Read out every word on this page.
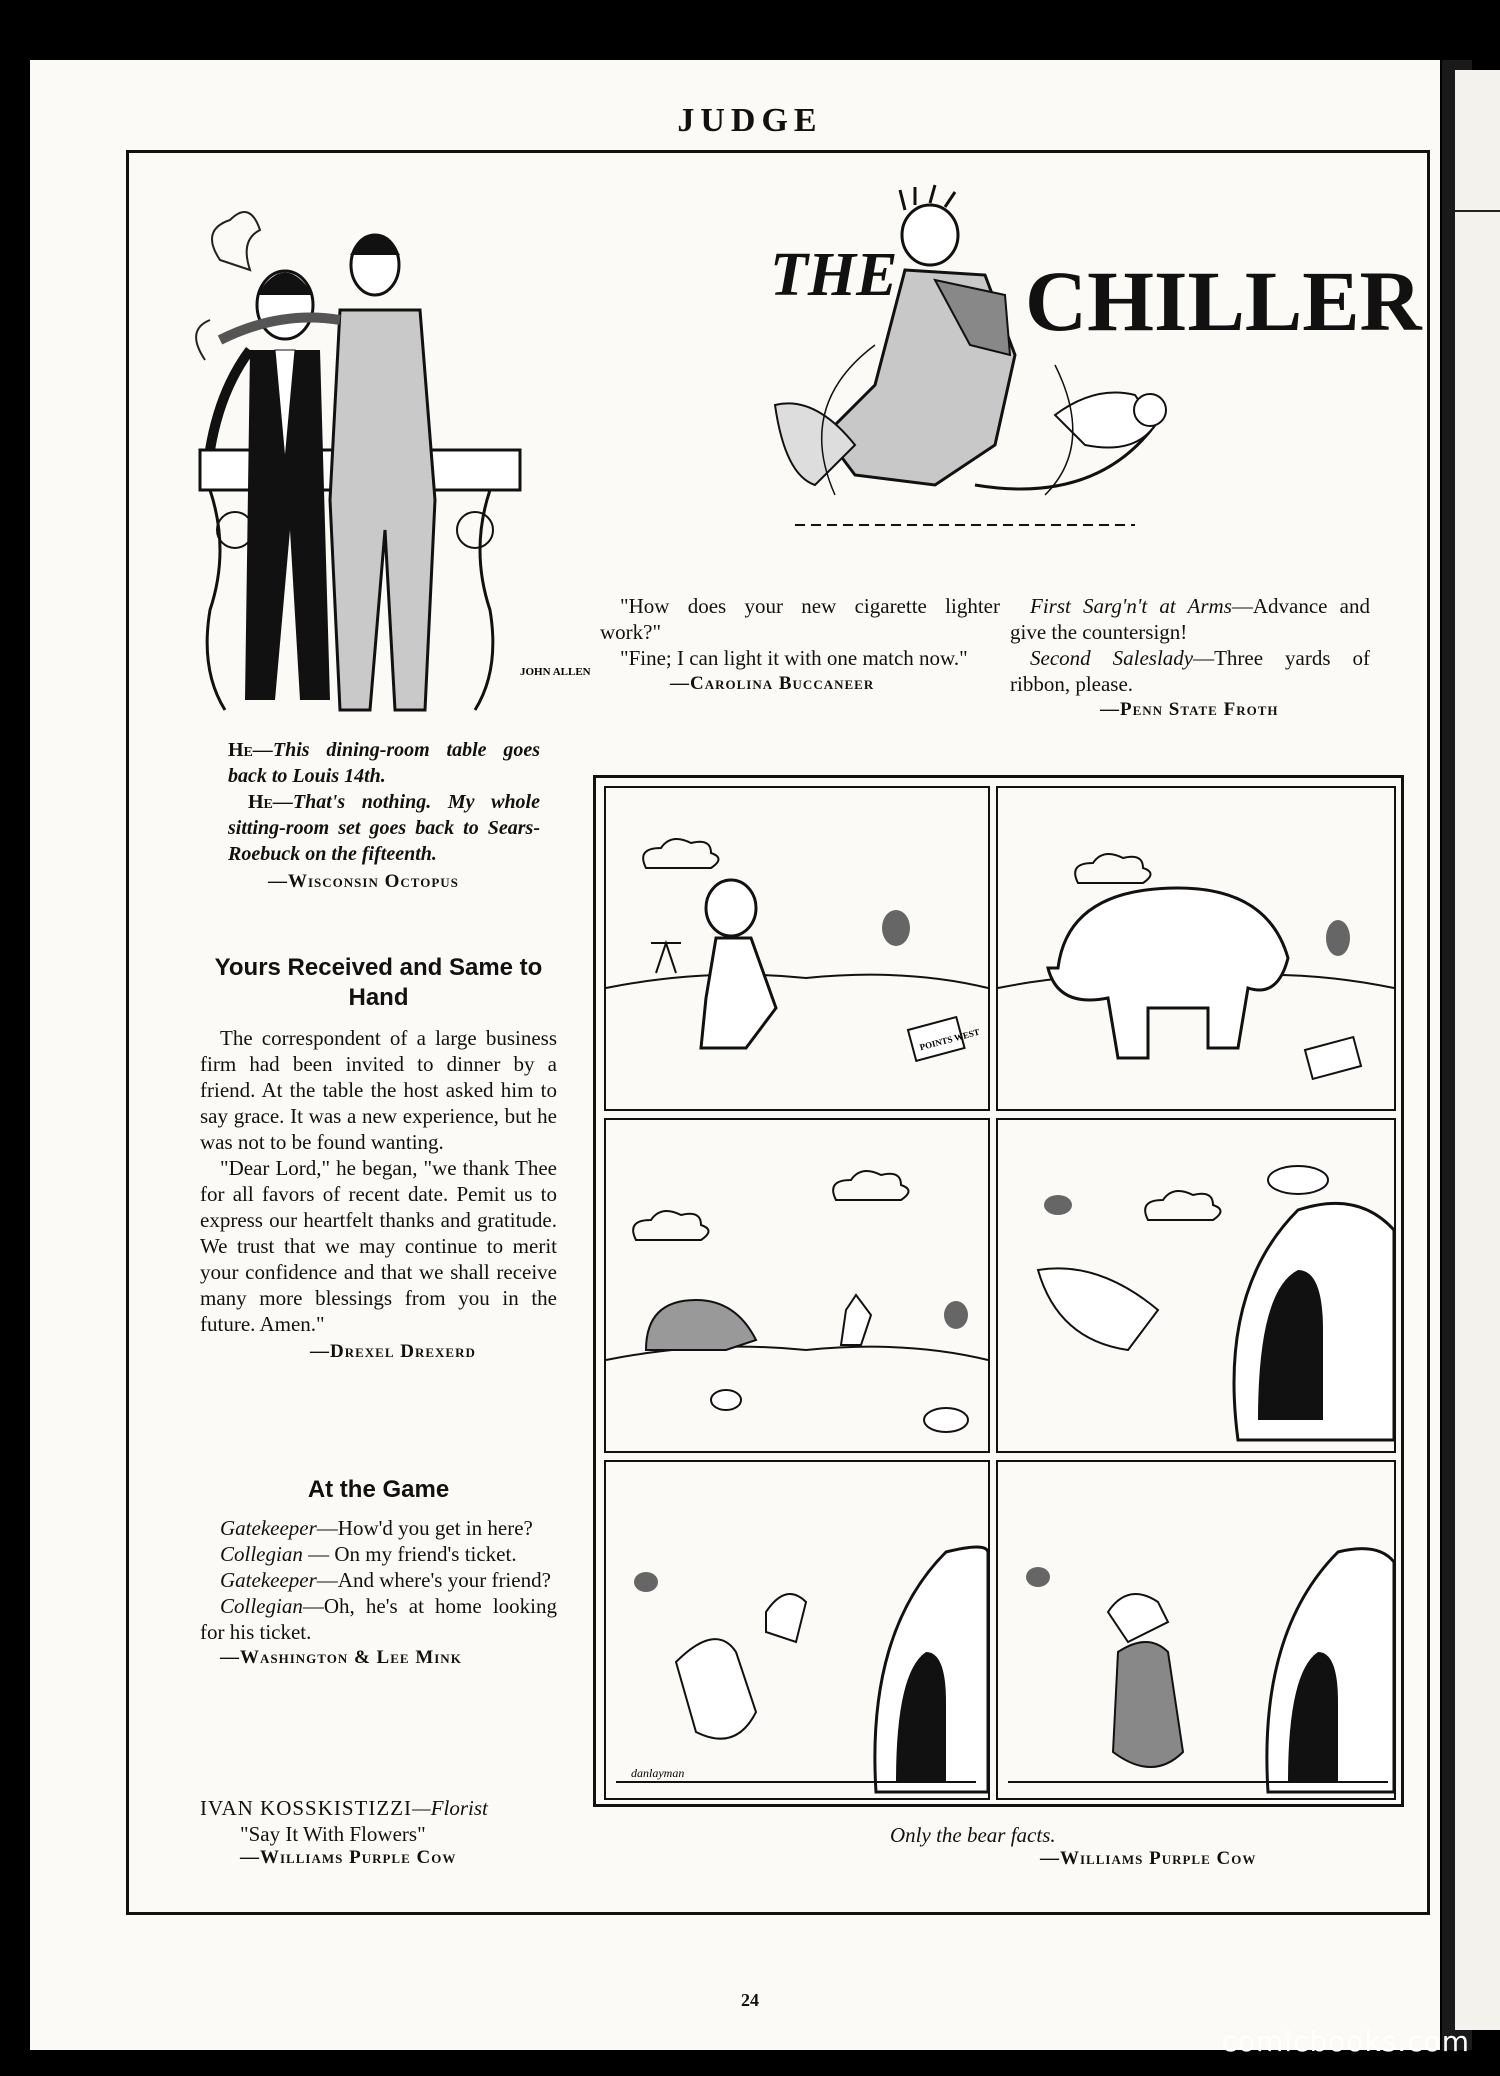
JUDGE
JOHN ALLEN

He—This dining-room table goes back to Louis 14th.

He—That's nothing. My whole sitting-room set goes back to Sears-Roebuck on the fifteenth.

—Wisconsin Octopus
THE CHILLER

"How does your new cigarette lighter work?"

"Fine; I can light it with one match now."

—Carolina Buccaneer

First Sarg'n't at Arms—Advance and give the countersign!

Second Saleslady—Three yards of ribbon, please.

—Penn State Froth
Yours Received and Same to Hand

The correspondent of a large business firm had been invited to dinner by a friend. At the table the host asked him to say grace. It was a new experience, but he was not to be found wanting.

"Dear Lord," he began, "we thank Thee for all favors of recent date. Pemit us to express our heartfelt thanks and gratitude. We trust that we may continue to merit your confidence and that we shall receive many more blessings from you in the future. Amen."

—Drexel Drexerd
At the Game

Gatekeeper—How'd you get in here?

Collegian — On my friend's ticket.

Gatekeeper—And where's your friend?

Collegian—Oh, he's at home looking for his ticket.

—Washington & Lee Mink
IVAN KOSSKISTIZZI—Florist
"Say It With Flowers"
—Williams Purple Cow
POINTS WEST
danlayman
Only the bear facts.
—Williams Purple Cow
24
comicbooks.com
